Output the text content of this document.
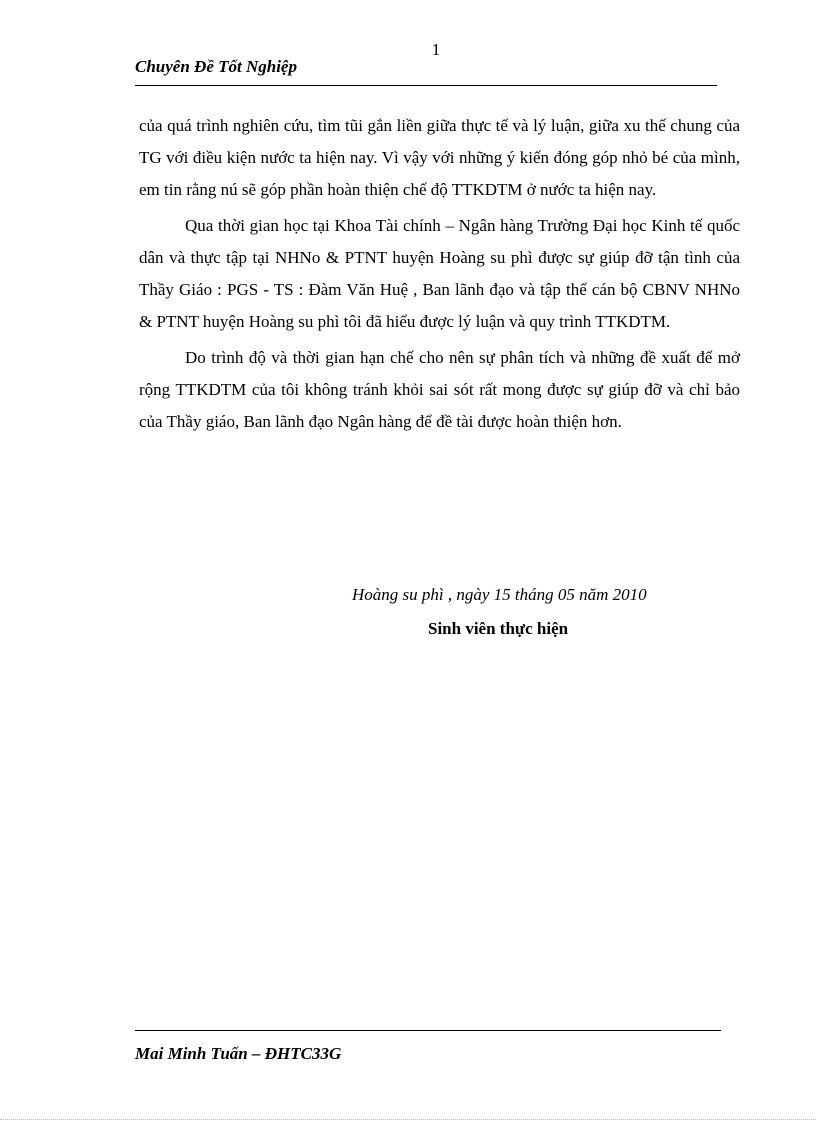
1
Chuyên Đề Tốt Nghiệp

của quá trình nghiên cứu, tìm tũi gắn liền giữa thực tế và lý luận, giữa xu thế chung của TG với điều kiện nước ta hiện nay. Vì vậy với những ý kiến đóng góp nhỏ bé của mình, em tin rằng nú sẽ góp phần hoàn thiện chế độ TTKDTM ở nước ta hiện nay.

Qua thời gian học tại Khoa Tài chính – Ngân hàng Trường Đại học Kinh tế quốc dân và thực tập tại NHNo & PTNT huyện Hoàng su phì được sự giúp đỡ tận tình của Thầy Giáo : PGS - TS : Đàm Văn Huệ , Ban lãnh đạo và tập thể cán bộ CBNV NHNo & PTNT huyện Hoàng su phì tôi đã hiểu được lý luận và quy trình TTKDTM.

Do trình độ và thời gian hạn chế cho nên sự phân tích và những đề xuất để mở rộng TTKDTM của tôi không tránh khỏi sai sót rất mong được sự giúp đỡ và chỉ bảo của Thầy giáo, Ban lãnh đạo Ngân hàng để đề tài được hoàn thiện hơn.

Hoàng su phì , ngày 15 tháng 05 năm 2010
Sinh viên thực hiện
Mai Minh Tuấn – ĐHTC33G
